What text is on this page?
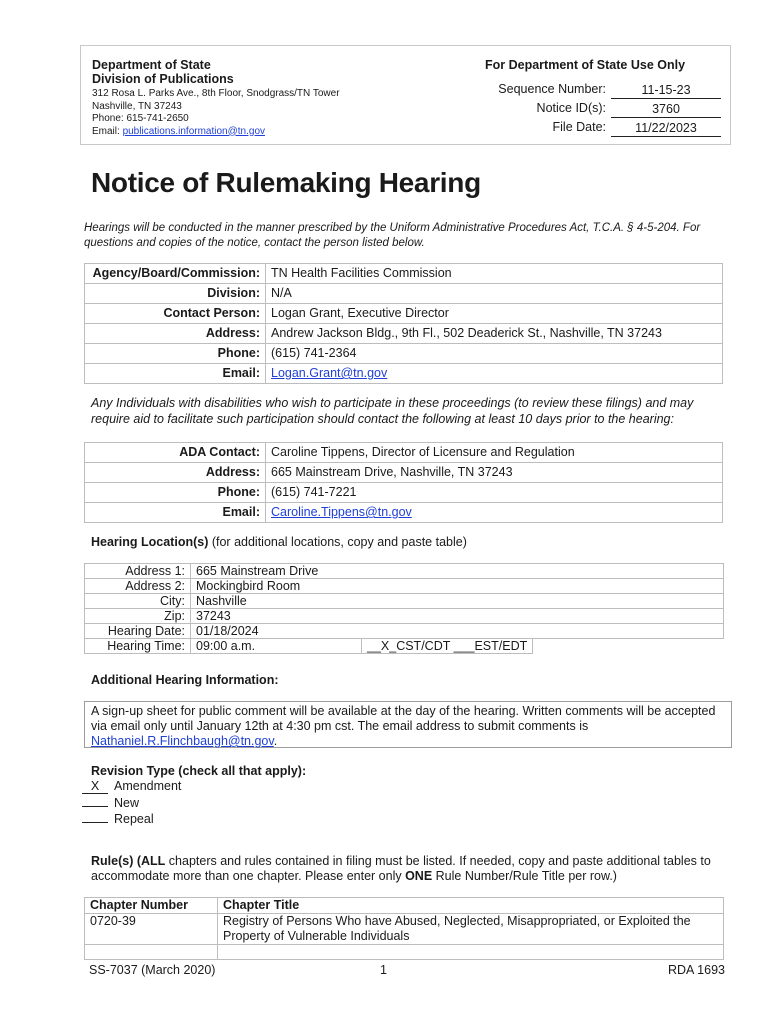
Department of State
Division of Publications
312 Rosa L. Parks Ave., 8th Floor, Snodgrass/TN Tower
Nashville, TN 37243
Phone: 615-741-2650
Email: publications.information@tn.gov
For Department of State Use Only
Sequence Number:	11-15-23
Notice ID(s):	3760
File Date:	11/22/2023
Notice of Rulemaking Hearing
Hearings will be conducted in the manner prescribed by the Uniform Administrative Procedures Act, T.C.A. § 4-5-204. For questions and copies of the notice, contact the person listed below.
Agency/Board/Commission:	TN Health Facilities Commission
Division:	N/A
Contact Person:	Logan Grant, Executive Director
Address:	Andrew Jackson Bldg., 9th Fl., 502 Deaderick St., Nashville, TN 37243
Phone:	(615) 741-2364
Email:	Logan.Grant@tn.gov
Any Individuals with disabilities who wish to participate in these proceedings (to review these filings) and may require aid to facilitate such participation should contact the following at least 10 days prior to the hearing:
ADA Contact:	Caroline Tippens, Director of Licensure and Regulation
Address:	665 Mainstream Drive, Nashville, TN 37243
Phone:	(615) 741-7221
Email:	Caroline.Tippens@tn.gov
Hearing Location(s) (for additional locations, copy and paste table)
Address 1:	665 Mainstream Drive		
Address 2:	Mockingbird Room		
City:	Nashville		
Zip:	37243		
Hearing Date:	01/18/2024		
Hearing Time:	09:00 a.m.	__X_CST/CDT ___EST/EDT	
Additional Hearing Information:
A sign-up sheet for public comment will be available at the day of the hearing. Written comments will be accepted via email only until January 12th at 4:30 pm cst. The email address to submit comments is Nathaniel.R.Flinchbaugh@tn.gov.
Revision Type (check all that apply):
X Amendment
New
Repeal
Rule(s) (ALL chapters and rules contained in filing must be listed. If needed, copy and paste additional tables to accommodate more than one chapter. Please enter only ONE Rule Number/Rule Title per row.)
Chapter Number	Chapter Title
0720-39	Registry of Persons Who have Abused, Neglected, Misappropriated, or Exploited the Property of Vulnerable Individuals

SS-7037 (March 2020)	1	RDA 1693
